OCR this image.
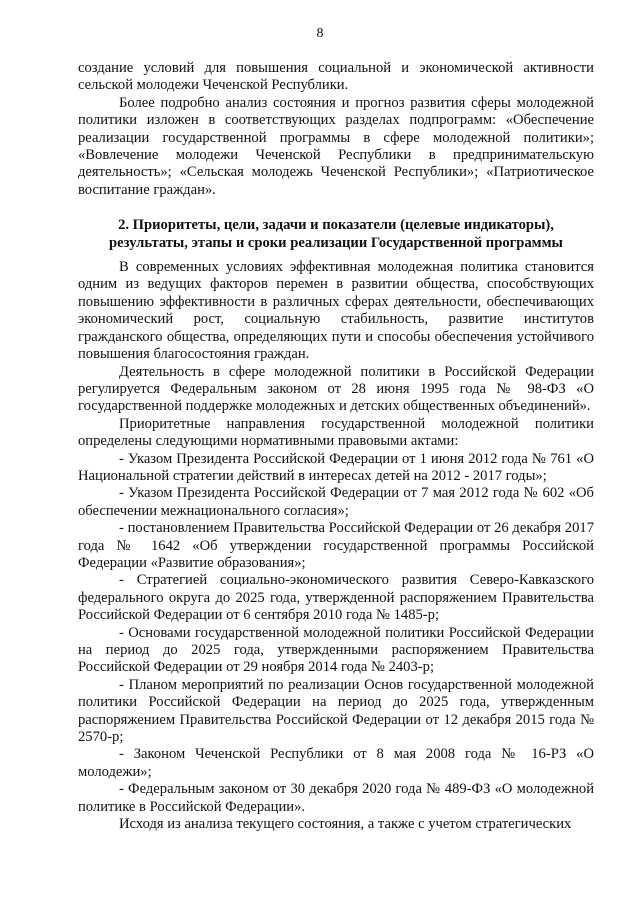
8

создание условий для повышения социальной и экономической активности сельской молодежи Чеченской Республики.

Более подробно анализ состояния и прогноз развития сферы молодежной политики изложен в соответствующих разделах подпрограмм: «Обеспечение реализации государственной программы в сфере молодежной политики»; «Вовлечение молодежи Чеченской Республики в предпринимательскую деятельность»; «Сельская молодежь Чеченской Республики»; «Патриотическое воспитание граждан».

2. Приоритеты, цели, задачи и показатели (целевые индикаторы),
результаты, этапы и сроки реализации Государственной программы

В современных условиях эффективная молодежная политика становится одним из ведущих факторов перемен в развитии общества, способствующих повышению эффективности в различных сферах деятельности, обеспечивающих экономический рост, социальную стабильность, развитие институтов гражданского общества, определяющих пути и способы обеспечения устойчивого повышения благосостояния граждан.

Деятельность в сфере молодежной политики в Российской Федерации регулируется Федеральным законом от 28 июня 1995 года № 98-ФЗ «О государственной поддержке молодежных и детских общественных объединений».

Приоритетные направления государственной молодежной политики определены следующими нормативными правовыми актами:

- Указом Президента Российской Федерации от 1 июня 2012 года № 761 «О Национальной стратегии действий в интересах детей на 2012 - 2017 годы»;

- Указом Президента Российской Федерации от 7 мая 2012 года № 602 «Об обеспечении межнационального согласия»;

- постановлением Правительства Российской Федерации от 26 декабря 2017 года № 1642 «Об утверждении государственной программы Российской Федерации «Развитие образования»;

- Стратегией социально-экономического развития Северо-Кавказского федерального округа до 2025 года, утвержденной распоряжением Правительства Российской Федерации от 6 сентября 2010 года № 1485-р;

- Основами государственной молодежной политики Российской Федерации на период до 2025 года, утвержденными распоряжением Правительства Российской Федерации от 29 ноября 2014 года № 2403-р;

- Планом мероприятий по реализации Основ государственной молодежной политики Российской Федерации на период до 2025 года, утвержденным распоряжением Правительства Российской Федерации от 12 декабря 2015 года № 2570-р;

- Законом Чеченской Республики от 8 мая 2008 года № 16-РЗ «О молодежи»;

- Федеральным законом от 30 декабря 2020 года № 489-ФЗ «О молодежной политике в Российской Федерации».

Исходя из анализа текущего состояния, а также с учетом стратегических
